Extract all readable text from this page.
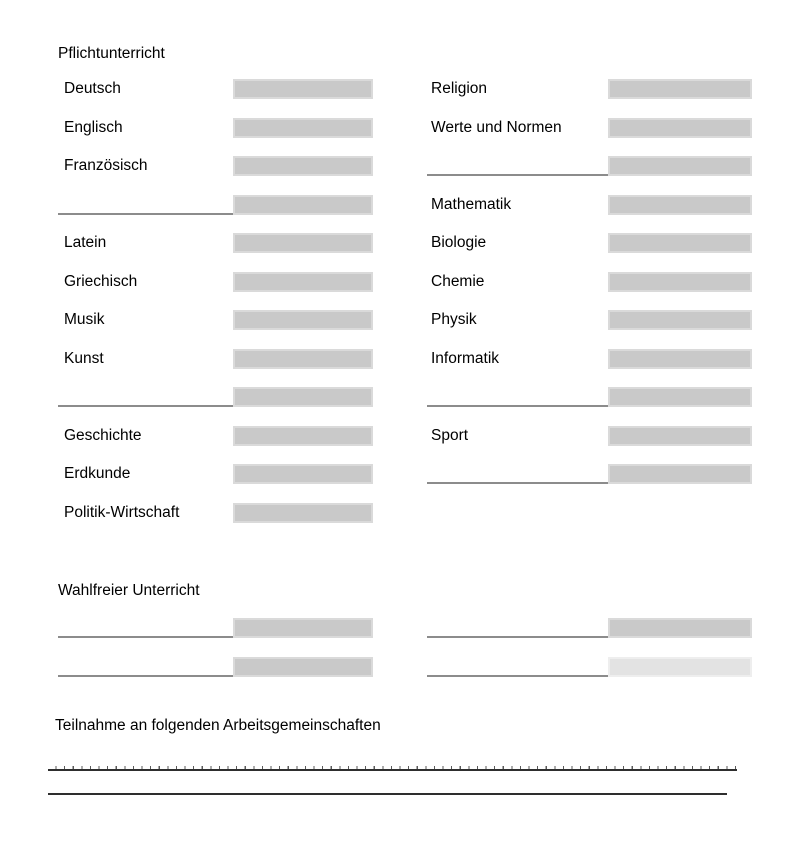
Pflichtunterricht
Deutsch
Englisch
Französisch
Latein
Griechisch
Musik
Kunst
Geschichte
Erdkunde
Politik-Wirtschaft
Religion
Werte und Normen
Mathematik
Biologie
Chemie
Physik
Informatik
Sport
Wahlfreier Unterricht
Teilnahme an folgenden Arbeitsgemeinschaften
